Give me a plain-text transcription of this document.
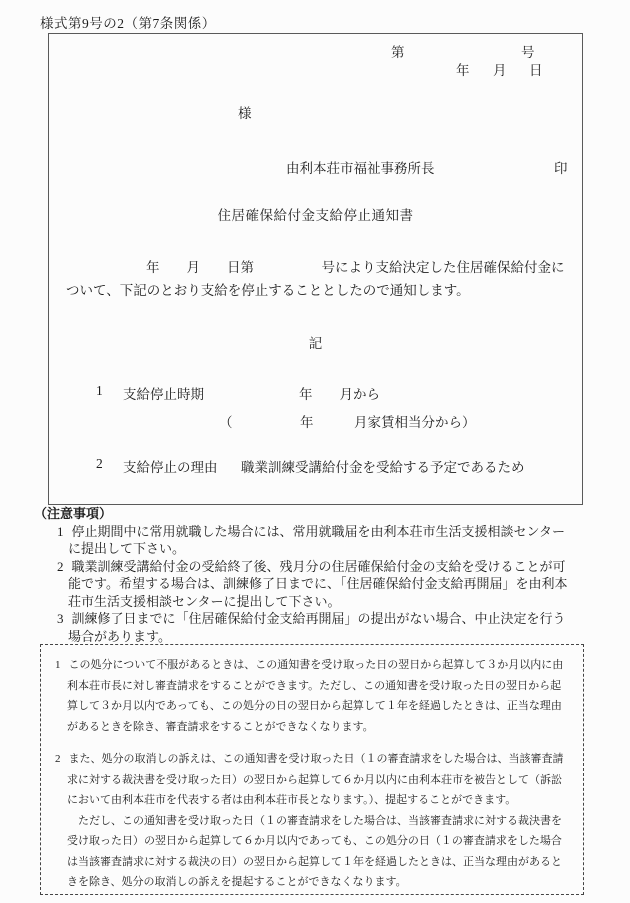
様式第9号の2（第7条関係）
第	号
年 月 日
様
由利本荘市福祉事務所長	印
住居確保給付金支給停止通知書
年　　月　　日第　　　　　号により支給決定した住居確保給付金に
ついて、下記のとおり支給を停止することとしたので通知します。
記
1 支給停止時期	年　　月から
（　　　　　年　　　月家賃相当分から）
2 支給停止の理由 職業訓練受講給付金を受給する予定であるため
（注意事項）
1 停止期間中に常用就職した場合には、常用就職届を由利本荘市生活支援相談センターに提出して下さい。
2 職業訓練受講給付金の受給終了後、残月分の住居確保給付金の支給を受けることが可能です。希望する場合は、訓練修了日までに、「住居確保給付金支給再開届」を由利本荘市生活支援相談センターに提出して下さい。
3 訓練修了日までに「住居確保給付金支給再開届」の提出がない場合、中止決定を行う場合があります。
1 この処分について不服があるときは、この通知書を受け取った日の翌日から起算して３か月以内に由利本荘市長に対し審査請求をすることができます。ただし、この通知書を受け取った日の翌日から起算して３か月以内であっても、この処分の日の翌日から起算して１年を経過したときは、正当な理由があるときを除き、審査請求をすることができなくなります。
2 また、処分の取消しの訴えは、この通知書を受け取った日（１の審査請求をした場合は、当該審査請求に対する裁決書を受け取った日）の翌日から起算して６か月以内に由利本荘市を被告として（訴訟において由利本荘市を代表する者は由利本荘市長となります。）、提起することができます。
　ただし、この通知書を受け取った日（１の審査請求をした場合は、当該審査請求に対する裁決書を受け取った日）の翌日から起算して６か月以内であっても、この処分の日（１の審査請求をした場合は当該審査請求に対する裁決の日）の翌日から起算して１年を経過したときは、正当な理由があるときを除き、処分の取消しの訴えを提起することができなくなります。
